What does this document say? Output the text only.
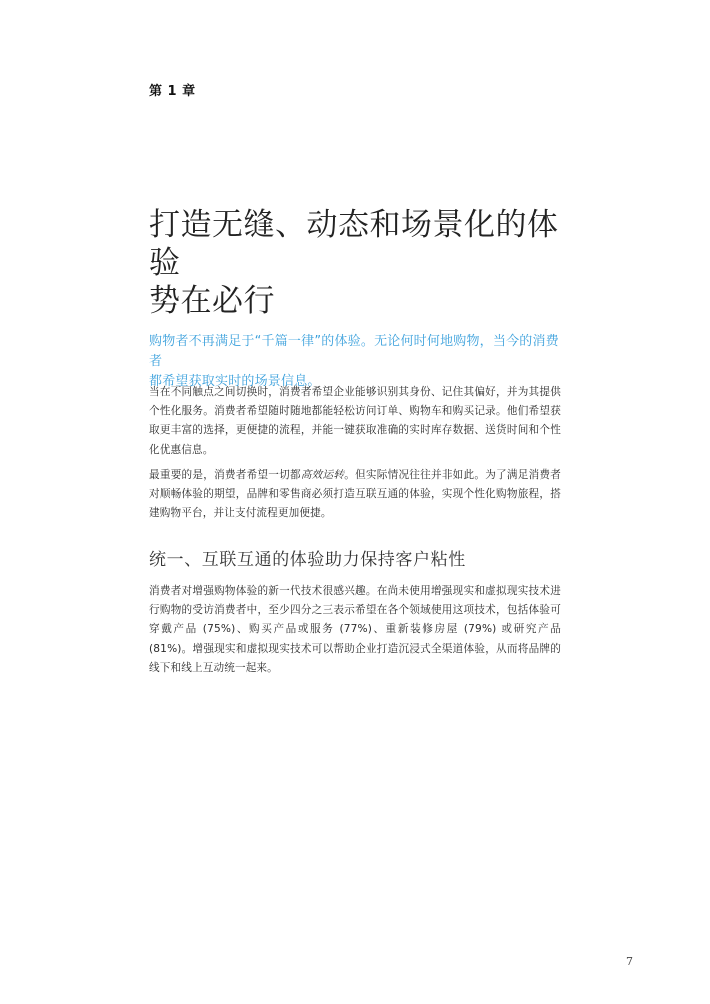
第 1 章
打造无缝、动态和场景化的体验
势在必行

购物者不再满足于“千篇一律”的体验。无论何时何地购物，当今的消费者
都希望获取实时的场景信息。

当在不同触点之间切换时，消费者希望企业能够识别其身份、记住其偏好，并为其提供个性化服务。消费者希望随时随地都能轻松访问订单、购物车和购买记录。他们希望获取更丰富的选择，更便捷的流程，并能一键获取准确的实时库存数据、送货时间和个性化优惠信息。

最重要的是，消费者希望一切都高效运转。但实际情况往往并非如此。为了满足消费者对顺畅体验的期望，品牌和零售商必须打造互联互通的体验，实现个性化购物旅程，搭建购物平台，并让支付流程更加便捷。

统一、互联互通的体验助力保持客户粘性

消费者对增强购物体验的新一代技术很感兴趣。在尚未使用增强现实和虚拟现实技术进行购物的受访消费者中，至少四分之三表示希望在各个领域使用这项技术，包括体验可穿戴产品 (75%)、购买产品或服务 (77%)、重新装修房屋 (79%) 或研究产品 (81%)。增强现实和虚拟现实技术可以帮助企业打造沉浸式全渠道体验，从而将品牌的线下和线上互动统一起来。

7
